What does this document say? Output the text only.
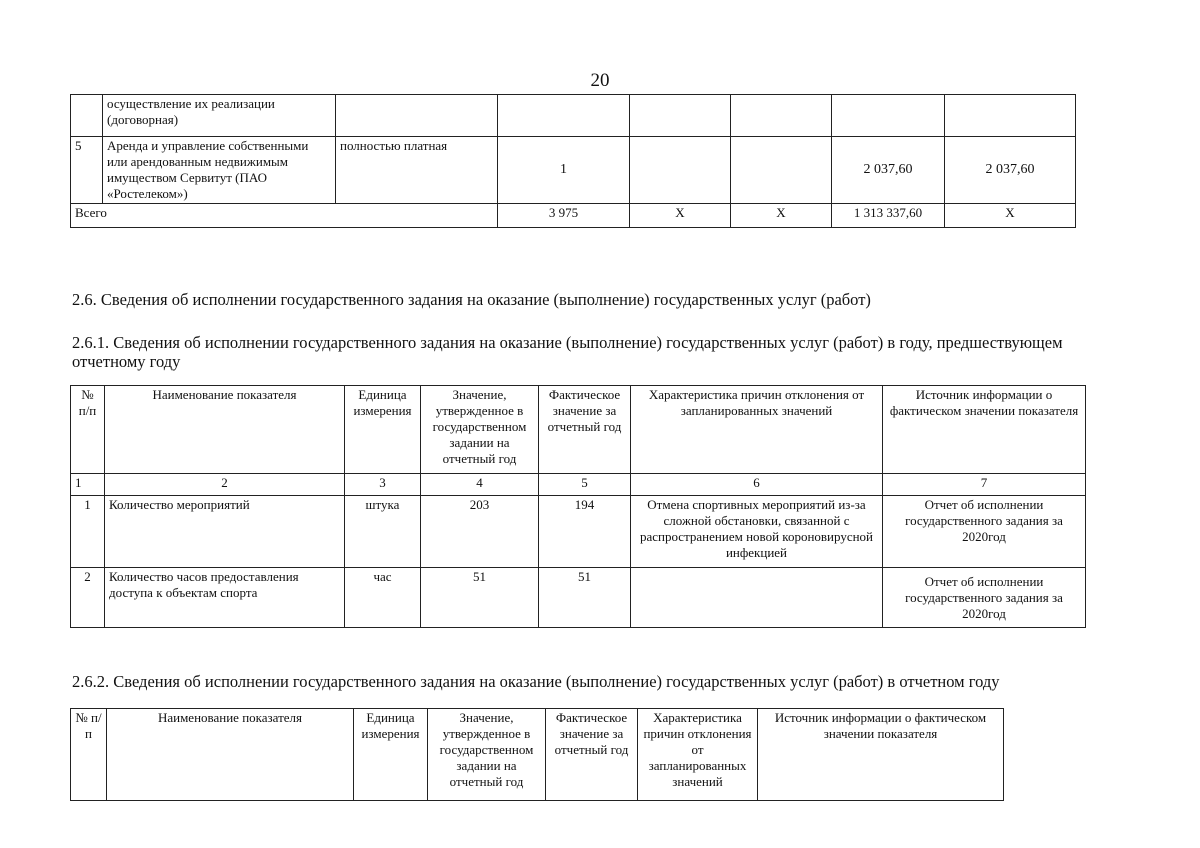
20
	осуществление их реализации (договорная)						
5	Аренда и управление собственными или арендованным недвижимым имуществом Сервитут (ПАО «Ростелеком»)	полностью платная	1			2 037,60	2 037,60
Всего			3 975	Х	Х	1 313 337,60	Х
2.6. Сведения об исполнении государственного задания на оказание (выполнение) государственных услуг (работ)
2.6.1. Сведения об исполнении государственного задания на оказание (выполнение) государственных услуг (работ) в году, предшествующем отчетному году
№ п/п	Наименование показателя	Единица измерения	Значение, утвержденное в государственном задании на отчетный год	Фактическое значение за отчетный год	Характеристика причин отклонения от запланированных значений	Источник информации о фактическом значении показателя
1	2	3	4	5	6	7
1	Количество мероприятий	штука	203	194	Отмена спортивных мероприятий из-за сложной обстановки, связанной с распространением новой короновирусной инфекцией	Отчет об исполнении государственного задания за 2020год
2	Количество часов предоставления доступа к объектам спорта	час	51	51		Отчет об исполнении государственного задания за 2020год
2.6.2. Сведения об исполнении государственного задания на оказание (выполнение) государственных услуг (работ) в отчетном году
№ п/п	Наименование показателя	Единица измерения	Значение, утвержденное в государственном задании на отчетный год	Фактическое значение за отчетный год	Характеристика причин отклонения от запланированных значений	Источник информации о фактическом значении показателя
